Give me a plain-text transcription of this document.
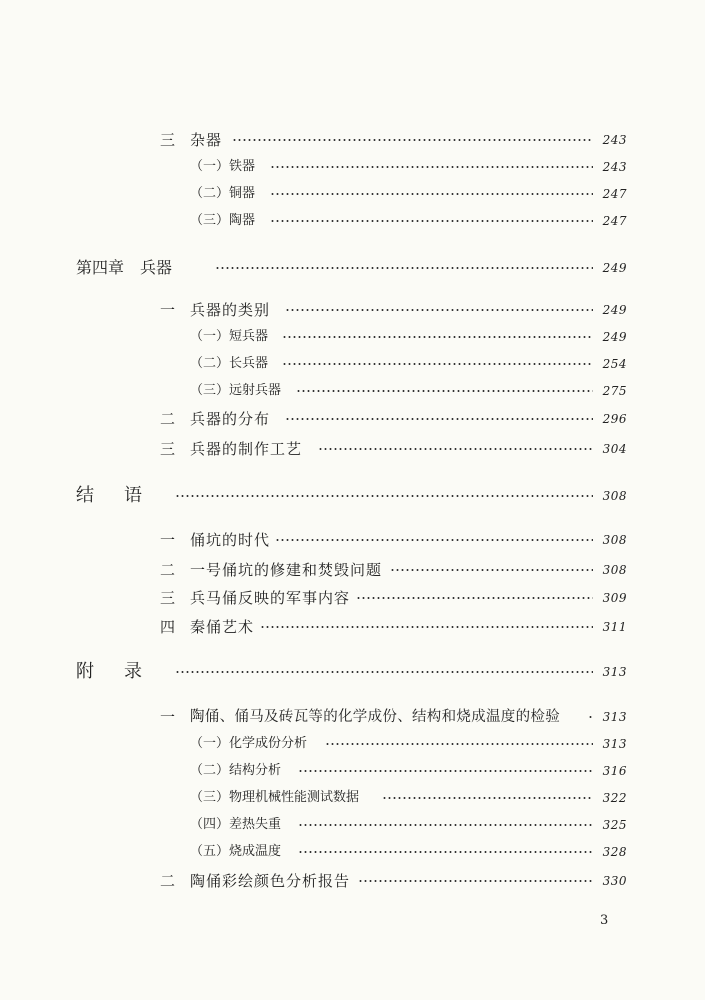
三 杂器	243
（一）铁器	243
（二）铜器	247
（三）陶器	247
第四章　兵器	249
一 兵器的类别	249
（一）短兵器	249
（二）长兵器	254
（三）远射兵器	275
二 兵器的分布	296
三 兵器的制作工艺	304
结语	308
一 俑坑的时代	308
二 一号俑坑的修建和焚毁问题	308
三 兵马俑反映的军事内容	309
四 秦俑艺术	311
附录	313
一 陶俑、俑马及砖瓦等的化学成份、结构和烧成温度的检验	313
（一）化学成份分析	313
（二）结构分析	316
（三）物理机械性能测试数据	322
（四）差热失重	325
（五）烧成温度	328
二 陶俑彩绘颜色分析报告	330
3
